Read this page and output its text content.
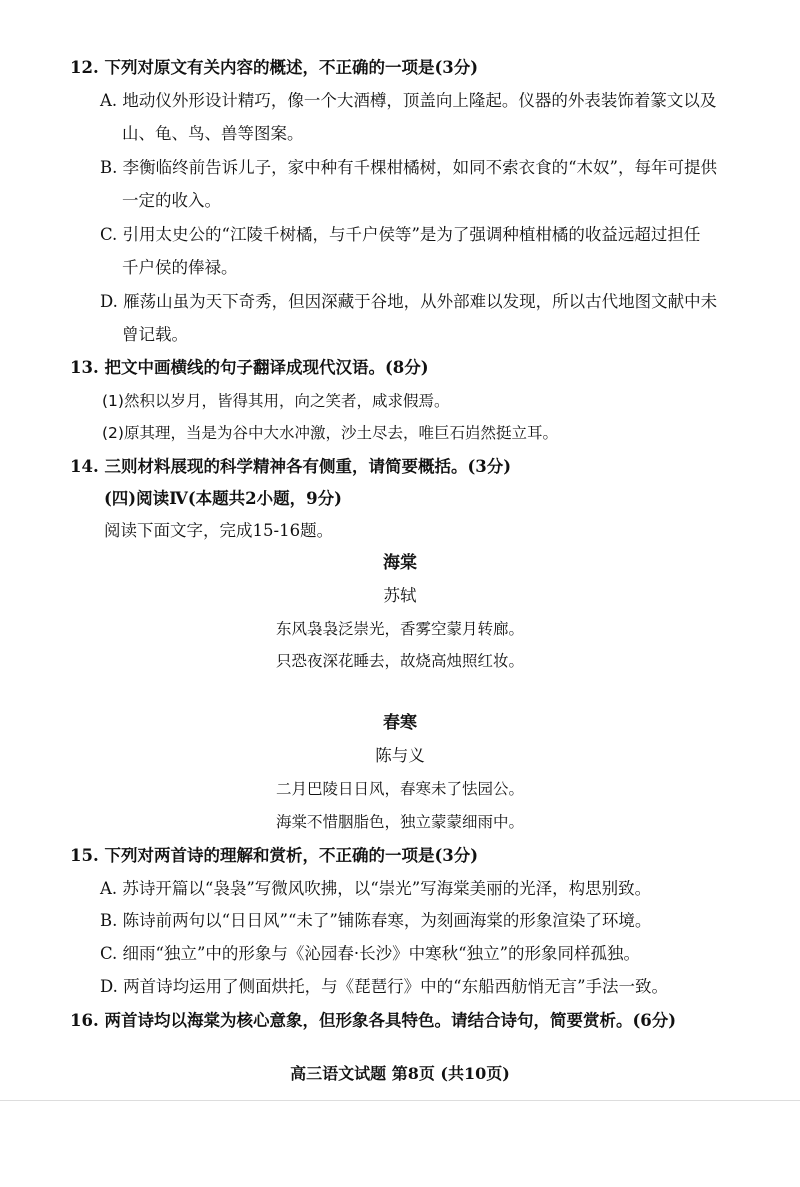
12. 下列对原文有关内容的概述，不正确的一项是(3分)
A. 地动仪外形设计精巧，像一个大酒樽，顶盖向上隆起。仪器的外表装饰着篆文以及
山、龟、鸟、兽等图案。
B. 李衡临终前告诉儿子，家中种有千棵柑橘树，如同不索衣食的“木奴”，每年可提供
一定的收入。
C. 引用太史公的“江陵千树橘，与千户侯等”是为了强调种植柑橘的收益远超过担任
千户侯的俸禄。
D. 雁荡山虽为天下奇秀，但因深藏于谷地，从外部难以发现，所以古代地图文献中未
曾记载。
13. 把文中画横线的句子翻译成现代汉语。(8分)
(1)然积以岁月，皆得其用，向之笑者，咸求假焉。
(2)原其理，当是为谷中大水冲激，沙土尽去，唯巨石岿然挺立耳。
14. 三则材料展现的科学精神各有侧重，请简要概括。(3分)
(四)阅读Ⅳ(本题共2小题，9分)
阅读下面文字，完成15-16题。
海棠
苏轼
东风袅袅泛崇光，香雾空蒙月转廊。
只恐夜深花睡去，故烧高烛照红妆。
春寒
陈与义
二月巴陵日日风，春寒未了怯园公。
海棠不惜胭脂色，独立蒙蒙细雨中。
15. 下列对两首诗的理解和赏析，不正确的一项是(3分)
A. 苏诗开篇以“袅袅”写微风吹拂，以“崇光”写海棠美丽的光泽，构思别致。
B. 陈诗前两句以“日日风”“未了”铺陈春寒，为刻画海棠的形象渲染了环境。
C. 细雨“独立”中的形象与《沁园春·长沙》中寒秋“独立”的形象同样孤独。
D. 两首诗均运用了侧面烘托，与《琵琶行》中的“东船西舫悄无言”手法一致。
16. 两首诗均以海棠为核心意象，但形象各具特色。请结合诗句，简要赏析。(6分)
高三语文试题 第8页 (共10页)
